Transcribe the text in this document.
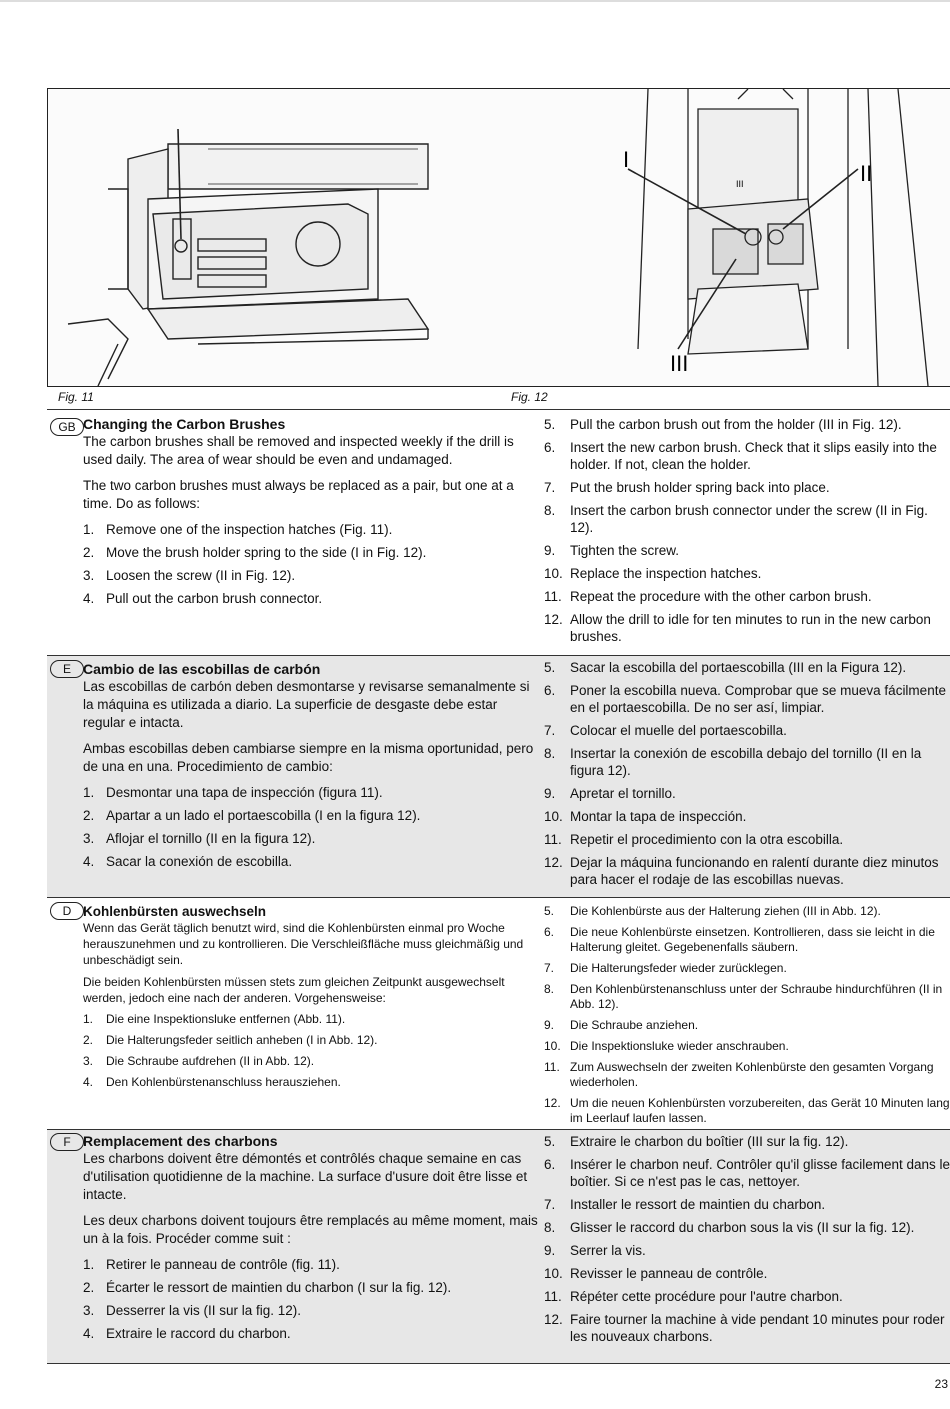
I
II
III
III
Fig. 11	Fig. 12
GB Changing the Carbon Brushes

The carbon brushes shall be removed and inspected weekly if the drill is used daily. The area of wear should be even and undamaged.

The two carbon brushes must always be replaced as a pair, but one at a time. Do as follows:

1. Remove one of the inspection hatches (Fig. 11).
2. Move the brush holder spring to the side (I in Fig. 12).
3. Loosen the screw (II in Fig. 12).
4. Pull out the carbon brush connector.
5. Pull the carbon brush out from the holder (III in Fig. 12).
6. Insert the new carbon brush. Check that it slips easily into the holder. If not, clean the holder.
7. Put the brush holder spring back into place.
8. Insert the carbon brush connector under the screw (II in Fig. 12).
9. Tighten the screw.
10. Replace the inspection hatches.
11. Repeat the procedure with the other carbon brush.
12. Allow the drill to idle for ten minutes to run in the new carbon brushes.
E Cambio de las escobillas de carbón

Las escobillas de carbón deben desmontarse y revisarse semanalmente si la máquina es utilizada a diario. La superficie de desgaste debe estar regular e intacta.

Ambas escobillas deben cambiarse siempre en la misma oportunidad, pero de una en una. Procedimiento de cambio:

1. Desmontar una tapa de inspección (figura 11).
2. Apartar a un lado el portaescobilla (I en la figura 12).
3. Aflojar el tornillo (II en la figura 12).
4. Sacar la conexión de escobilla.
5. Sacar la escobilla del portaescobilla (III en la Figura 12).
6. Poner la escobilla nueva. Comprobar que se mueva fácilmente en el portaescobilla. De no ser así, limpiar.
7. Colocar el muelle del portaescobilla.
8. Insertar la conexión de escobilla debajo del tornillo (II en la figura 12).
9. Apretar el tornillo.
10. Montar la tapa de inspección.
11. Repetir el procedimiento con la otra escobilla.
12. Dejar la máquina funcionando en ralentí durante diez minutos para hacer el rodaje de las escobillas nuevas.
D Kohlenbürsten auswechseln

Wenn das Gerät täglich benutzt wird, sind die Kohlenbürsten einmal pro Woche herauszunehmen und zu kontrollieren. Die Verschleißfläche muss gleichmäßig und unbeschädigt sein.

Die beiden Kohlenbürsten müssen stets zum gleichen Zeitpunkt ausgewechselt werden, jedoch eine nach der anderen. Vorgehensweise:

1. Die eine Inspektionsluke entfernen (Abb. 11).
2. Die Halterungsfeder seitlich anheben (I in Abb. 12).
3. Die Schraube aufdrehen (II in Abb. 12).
4. Den Kohlenbürstenanschluss herausziehen.
5. Die Kohlenbürste aus der Halterung ziehen (III in Abb. 12).
6. Die neue Kohlenbürste einsetzen. Kontrollieren, dass sie leicht in die Halterung gleitet. Gegebenenfalls säubern.
7. Die Halterungsfeder wieder zurücklegen.
8. Den Kohlenbürstenanschluss unter der Schraube hindurchführen (II in Abb. 12).
9. Die Schraube anziehen.
10. Die Inspektionsluke wieder anschrauben.
11. Zum Auswechseln der zweiten Kohlenbürste den gesamten Vorgang wiederholen.
12. Um die neuen Kohlenbürsten vorzubereiten, das Gerät 10 Minuten lang im Leerlauf laufen lassen.
F Remplacement des charbons

Les charbons doivent être démontés et contrôlés chaque semaine en cas d'utilisation quotidienne de la machine. La surface d'usure doit être lisse et intacte.

Les deux charbons doivent toujours être remplacés au même moment, mais un à la fois. Procéder comme suit :

1. Retirer le panneau de contrôle (fig. 11).
2. Écarter le ressort de maintien du charbon (I sur la fig. 12).
3. Desserrer la vis (II sur la fig. 12).
4. Extraire le raccord du charbon.
5. Extraire le charbon du boîtier (III sur la fig. 12).
6. Insérer le charbon neuf. Contrôler qu'il glisse facilement dans le boîtier. Si ce n'est pas le cas, nettoyer.
7. Installer le ressort de maintien du charbon.
8. Glisser le raccord du charbon sous la vis (II sur la fig. 12).
9. Serrer la vis.
10. Revisser le panneau de contrôle.
11. Répéter cette procédure pour l'autre charbon.
12. Faire tourner la machine à vide pendant 10 minutes pour roder les nouveaux charbons.
23
